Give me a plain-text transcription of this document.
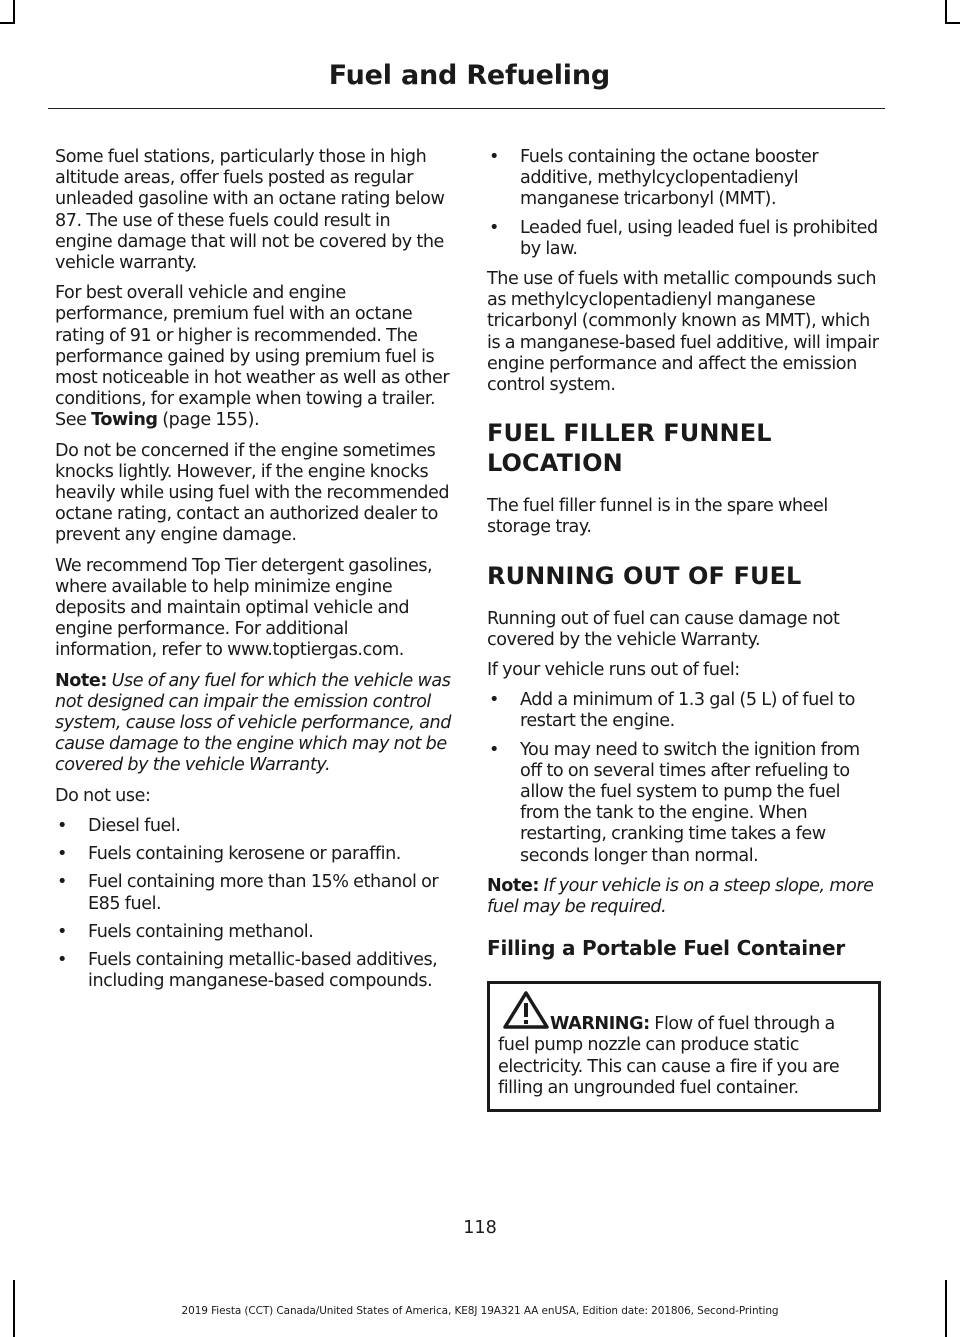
Fuel and Refueling

Some fuel stations, particularly those in high altitude areas, offer fuels posted as regular unleaded gasoline with an octane rating below 87. The use of these fuels could result in engine damage that will not be covered by the vehicle warranty.

For best overall vehicle and engine performance, premium fuel with an octane rating of 91 or higher is recommended. The performance gained by using premium fuel is most noticeable in hot weather as well as other conditions, for example when towing a trailer. See Towing (page 155).

Do not be concerned if the engine sometimes knocks lightly. However, if the engine knocks heavily while using fuel with the recommended octane rating, contact an authorized dealer to prevent any engine damage.

We recommend Top Tier detergent gasolines, where available to help minimize engine deposits and maintain optimal vehicle and engine performance. For additional information, refer to www.toptiergas.com.

Note: Use of any fuel for which the vehicle was not designed can impair the emission control system, cause loss of vehicle performance, and cause damage to the engine which may not be covered by the vehicle Warranty.

Do not use:

• Diesel fuel.
• Fuels containing kerosene or paraffin.
• Fuel containing more than 15% ethanol or E85 fuel.
• Fuels containing methanol.
• Fuels containing metallic-based additives, including manganese-based compounds.
• Fuels containing the octane booster additive, methylcyclopentadienyl manganese tricarbonyl (MMT).
• Leaded fuel, using leaded fuel is prohibited by law.

The use of fuels with metallic compounds such as methylcyclopentadienyl manganese tricarbonyl (commonly known as MMT), which is a manganese-based fuel additive, will impair engine performance and affect the emission control system.

FUEL FILLER FUNNEL
LOCATION

The fuel filler funnel is in the spare wheel storage tray.

RUNNING OUT OF FUEL

Running out of fuel can cause damage not covered by the vehicle Warranty.

If your vehicle runs out of fuel:

• Add a minimum of 1.3 gal (5 L) of fuel to restart the engine.
• You may need to switch the ignition from off to on several times after refueling to allow the fuel system to pump the fuel from the tank to the engine. When restarting, cranking time takes a few seconds longer than normal.

Note: If your vehicle is on a steep slope, more fuel may be required.

Filling a Portable Fuel Container

WARNING: Flow of fuel through a fuel pump nozzle can produce static electricity. This can cause a fire if you are filling an ungrounded fuel container.

118
2019 Fiesta (CCT) Canada/United States of America, KE8J 19A321 AA enUSA, Edition date: 201806, Second-Printing
